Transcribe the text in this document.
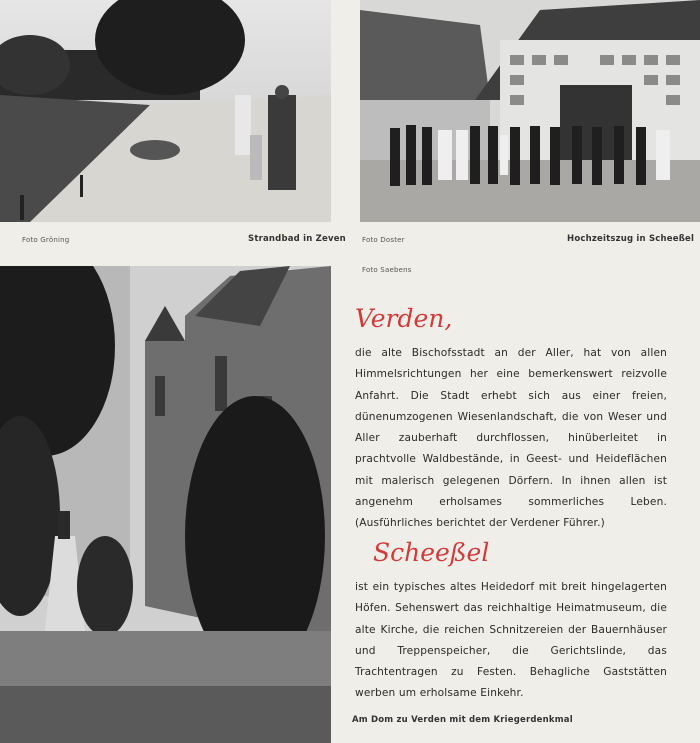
Foto Gröning	Strandbad in Zeven Foto Doster	Hochzeitszug in Scheeßel
Foto Saebens
Am Dom zu Verden mit dem Kriegerdenkmal
Verden,
die alte Bischofsstadt an der Aller, hat von allen Himmelsrichtungen her eine bemerkenswert reizvolle Anfahrt. Die Stadt erhebt sich aus einer freien, dünenumzogenen Wiesenlandschaft, die von Weser und Aller zauberhaft durchflossen, hinüberleitet in prachtvolle Waldbestände, in Geest- und Heideflächen mit malerisch gelegenen Dörfern. In ihnen allen ist angenehm erholsames sommerliches Leben. (Ausführliches berichtet der Verdener Führer.)
Scheeßel
ist ein typisches altes Heidedorf mit breit hingelagerten Höfen. Sehenswert das reichhaltige Heimatmuseum, die alte Kirche, die reichen Schnitzereien der Bauernhäuser und Treppenspeicher, die Gerichtslinde, das Trachtentragen zu Festen. Behagliche Gaststätten werben um erholsame Einkehr.
